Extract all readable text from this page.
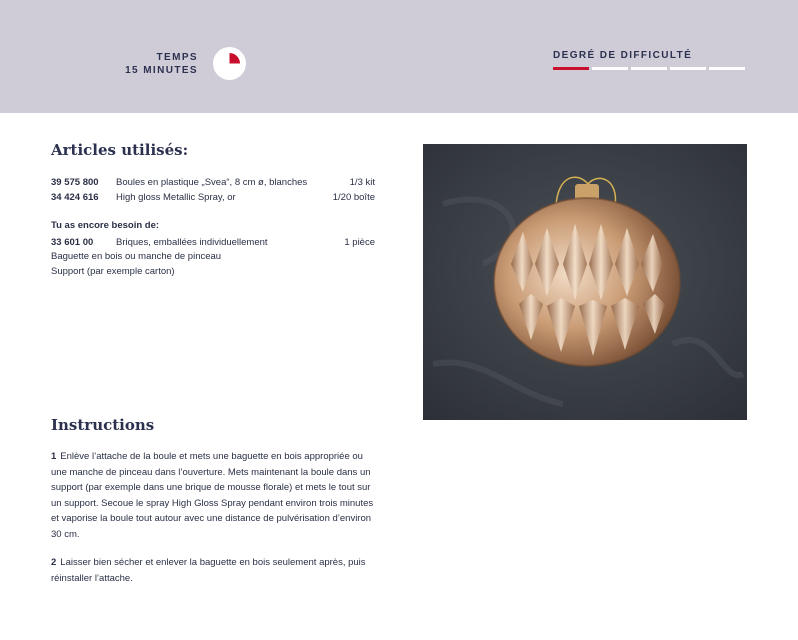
TEMPS
15 MINUTES
DEGRÉ DE DIFFICULTÉ
Articles utilisés:
39 575 800 Boules en plastique „Svea“, 8 cm ø, blanches	1/3 kit
34 424 616 High gloss Metallic Spray, or	1/20 boîte
Tu as encore besoin de:
33 601 00 Briques, emballées individuellement	1 pièce
Baguette en bois ou manche de pinceau
Support (par exemple carton)
Instructions
1 Enlève l’attache de la boule et mets une baguette en bois appropriée ou une manche de pinceau dans l’ouverture. Mets maintenant la boule dans un support (par exemple dans une brique de mousse florale) et mets le tout sur un support. Secoue le spray High Gloss Spray pendant environ trois minutes et vaporise la boule tout autour avec une distance de pulvérisation d’environ 30 cm.
2 Laisser bien sécher et enlever la baguette en bois seulement après, puis réinstaller l’attache.
